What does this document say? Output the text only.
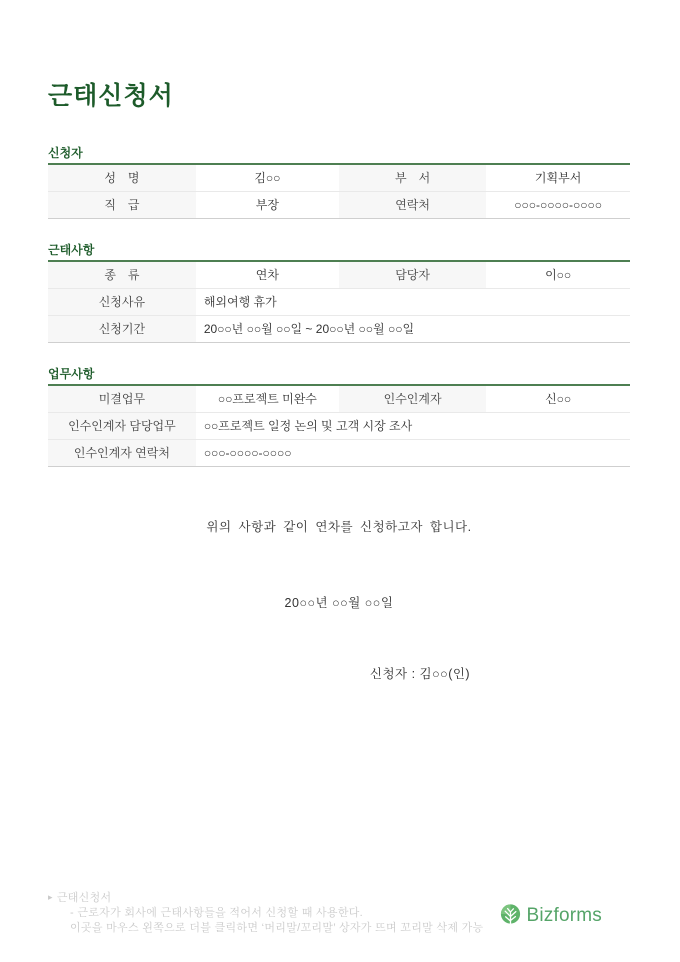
근태신청서
신청자
성　명	김○○	부　서	기획부서
직　급	부장	연락처	○○○-○○○○-○○○○
근태사항
종　류	연차	담당자	이○○
신청사유	해외여행 휴가		
신청기간	20○○년 ○○월 ○○일 ~ 20○○년 ○○월 ○○일		
업무사항
미결업무	○○프로젝트 미완수	인수인계자	신○○
인수인계자 담당업무	○○프로젝트 일정 논의 및 고객 시장 조사		
인수인계자 연락처	○○○-○○○○-○○○○		

위의 사항과 같이 연차를 신청하고자 합니다.

20○○년 ○○월 ○○일

신청자 : 김○○(인)

▸ 근태신청서
- 근로자가 회사에 근태사항들을 적어서 신청할 때 사용한다.
이곳을 마우스 왼쪽으로 더블 클릭하면 ‘머리말/꼬리말’ 상자가 뜨며 꼬리말 삭제 가능
Bizforms
